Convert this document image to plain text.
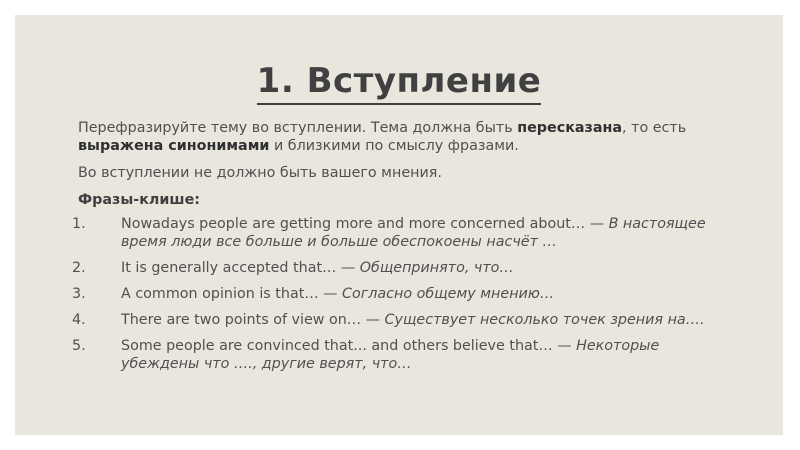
1. Вступление

Перефразируйте тему во вступлении. Тема должна быть пересказана, то есть выражена синонимами и близкими по смыслу фразами.

Во вступлении не должно быть вашего мнения.

Фразы-клише:
1. Nowadays people are getting more and more concerned about… — В настоящее время люди все больше и больше обеспокоены насчёт …
2. It is generally accepted that… — Общепринято, что…
3. A common opinion is that… — Согласно общему мнению…
4. There are two points of view on… — Существует несколько точек зрения на….
5. Some people are convinced that... and others believe that… — Некоторые убеждены что …., другие верят, что…
